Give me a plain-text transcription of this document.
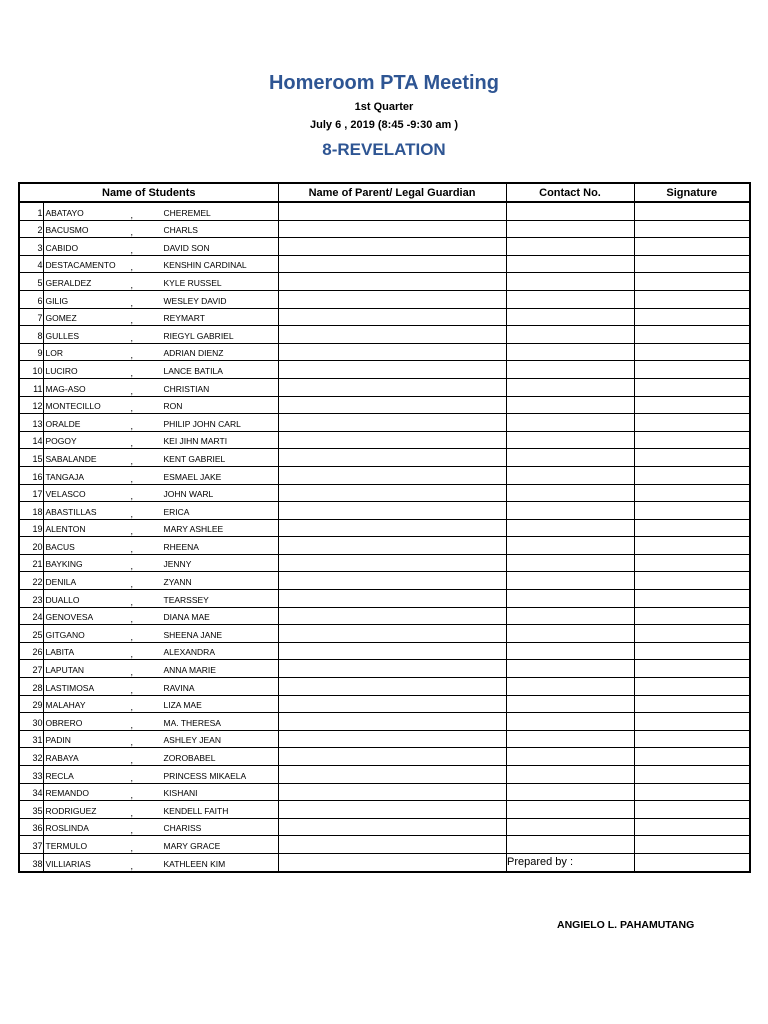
Homeroom PTA Meeting
1st Quarter
July 6 , 2019 (8:45 -9:30 am )
8-REVELATION
Name of Students		Name of Parent/ Legal Guardian	Contact No.	Signature
1	ABATAYO , CHEREMEL			

2	BACUSMO , CHARLS			

3	CABIDO , DAVID SON			

4	DESTACAMENTO , KENSHIN CARDINAL			

5	GERALDEZ , KYLE RUSSEL			

6	GILIG , WESLEY DAVID			

7	GOMEZ , REYMART			

8	GULLES , RIEGYL GABRIEL			

9	LOR , ADRIAN DIENZ			

10	LUCIRO , LANCE BATILA			

11	MAG-ASO , CHRISTIAN			

12	MONTECILLO , RON			

13	ORALDE , PHILIP JOHN CARL			

14	POGOY , KEI JIHN MARTI			

15	SABALANDE , KENT GABRIEL			

16	TANGAJA , ESMAEL JAKE			

17	VELASCO , JOHN WARL			

18	ABASTILLAS , ERICA			

19	ALENTON , MARY ASHLEE			

20	BACUS , RHEENA			

21	BAYKING , JENNY			

22	DENILA , ZYANN			

23	DUALLO , TEARSSEY			

24	GENOVESA , DIANA MAE			

25	GITGANO , SHEENA JANE			

26	LABITA , ALEXANDRA			

27	LAPUTAN , ANNA MARIE			

28	LASTIMOSA , RAVINA			

29	MALAHAY , LIZA MAE			

30	OBRERO , MA. THERESA			

31	PADIN , ASHLEY JEAN			

32	RABAYA , ZOROBABEL			

33	RECLA , PRINCESS MIKAELA			

34	REMANDO , KISHANI			

35	RODRIGUEZ , KENDELL FAITH			

36	ROSLINDA , CHARISS			

37	TERMULO , MARY GRACE			

38	VILLIARIAS , KATHLEEN KIM			
				Prepared by :
ANGIELO L. PAHAMUTANG
